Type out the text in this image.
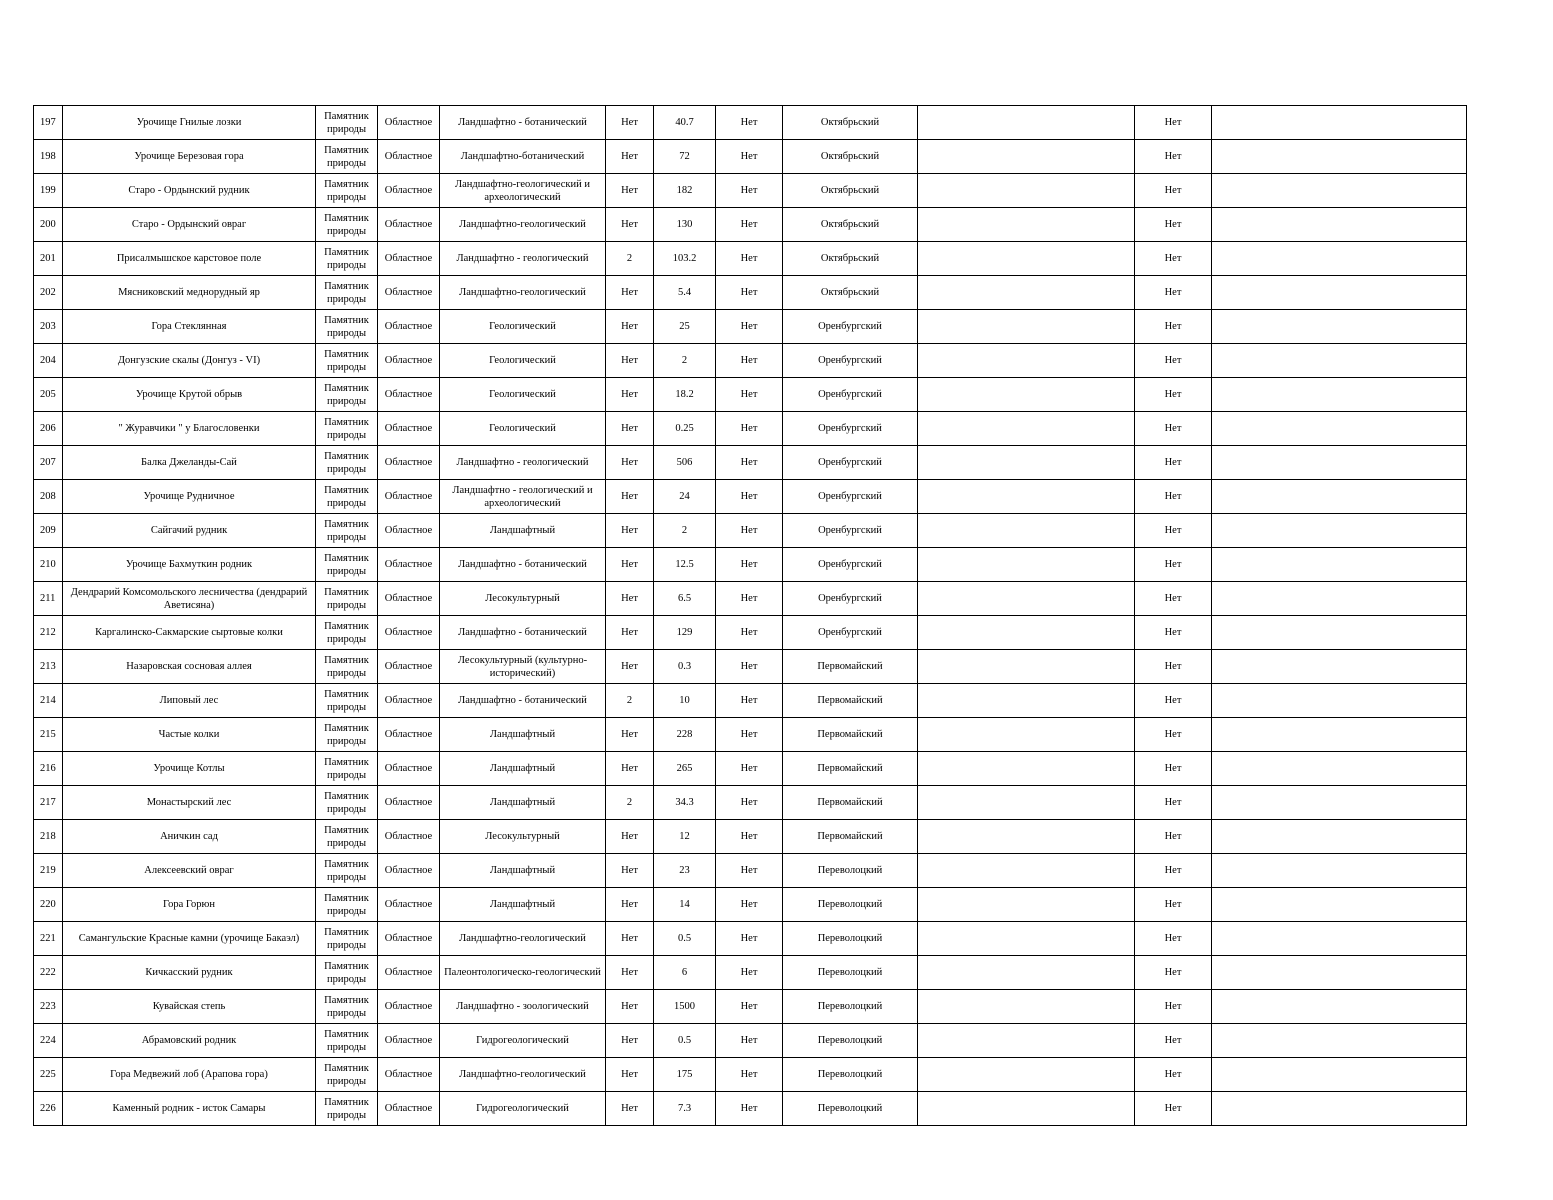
197	Урочище Гнилые лозки	Памятник природы	Областное	Ландшафтно - ботанический	Нет	40.7	Нет	Октябрьский		Нет	
198	Урочище Березовая гора	Памятник природы	Областное	Ландшафтно-ботанический	Нет	72	Нет	Октябрьский		Нет	
199	Старо - Ордынский рудник	Памятник природы	Областное	Ландшафтно-геологический и археологический	Нет	182	Нет	Октябрьский		Нет	
200	Старо - Ордынский овраг	Памятник природы	Областное	Ландшафтно-геологический	Нет	130	Нет	Октябрьский		Нет	
201	Присалмышское карстовое поле	Памятник природы	Областное	Ландшафтно - геологический	2	103.2	Нет	Октябрьский		Нет	
202	Мясниковский меднорудный яр	Памятник природы	Областное	Ландшафтно-геологический	Нет	5.4	Нет	Октябрьский		Нет	
203	Гора Стеклянная	Памятник природы	Областное	Геологический	Нет	25	Нет	Оренбургский		Нет	
204	Донгузские скалы (Донгуз - VI)	Памятник природы	Областное	Геологический	Нет	2	Нет	Оренбургский		Нет	
205	Урочище Крутой обрыв	Памятник природы	Областное	Геологический	Нет	18.2	Нет	Оренбургский		Нет	
206	" Журавчики " у Благословенки	Памятник природы	Областное	Геологический	Нет	0.25	Нет	Оренбургский		Нет	
207	Балка Джеланды-Сай	Памятник природы	Областное	Ландшафтно - геологический	Нет	506	Нет	Оренбургский		Нет	
208	Урочище Рудничное	Памятник природы	Областное	Ландшафтно - геологический и археологический	Нет	24	Нет	Оренбургский		Нет	
209	Сайгачий рудник	Памятник природы	Областное	Ландшафтный	Нет	2	Нет	Оренбургский		Нет	
210	Урочище Бахмуткин родник	Памятник природы	Областное	Ландшафтно - ботанический	Нет	12.5	Нет	Оренбургский		Нет	
211	Дендрарий Комсомольского лесничества (дендрарий Аветисяна)	Памятник природы	Областное	Лесокультурный	Нет	6.5	Нет	Оренбургский		Нет	
212	Каргалинско-Сакмарские сыртовые колки	Памятник природы	Областное	Ландшафтно - ботанический	Нет	129	Нет	Оренбургский		Нет	
213	Назаровская сосновая аллея	Памятник природы	Областное	Лесокультурный (культурно-исторический)	Нет	0.3	Нет	Первомайский		Нет	
214	Липовый лес	Памятник природы	Областное	Ландшафтно - ботанический	2	10	Нет	Первомайский		Нет	
215	Частые колки	Памятник природы	Областное	Ландшафтный	Нет	228	Нет	Первомайский		Нет	
216	Урочище Котлы	Памятник природы	Областное	Ландшафтный	Нет	265	Нет	Первомайский		Нет	
217	Монастырский лес	Памятник природы	Областное	Ландшафтный	2	34.3	Нет	Первомайский		Нет	
218	Аничкин сад	Памятник природы	Областное	Лесокультурный	Нет	12	Нет	Первомайский		Нет	
219	Алексеевский овраг	Памятник природы	Областное	Ландшафтный	Нет	23	Нет	Переволоцкий		Нет	
220	Гора Горюн	Памятник природы	Областное	Ландшафтный	Нет	14	Нет	Переволоцкий		Нет	
221	Самангульские Красные камни (урочище Бакаэл)	Памятник природы	Областное	Ландшафтно-геологический	Нет	0.5	Нет	Переволоцкий		Нет	
222	Кичкасский рудник	Памятник природы	Областное	Палеонтологическо-геологический	Нет	6	Нет	Переволоцкий		Нет	
223	Кувайская степь	Памятник природы	Областное	Ландшафтно - зоологический	Нет	1500	Нет	Переволоцкий		Нет	
224	Абрамовский родник	Памятник природы	Областное	Гидрогеологический	Нет	0.5	Нет	Переволоцкий		Нет	
225	Гора Медвежий лоб (Арапова гора)	Памятник природы	Областное	Ландшафтно-геологический	Нет	175	Нет	Переволоцкий		Нет	
226	Каменный родник - исток Самары	Памятник природы	Областное	Гидрогеологический	Нет	7.3	Нет	Переволоцкий		Нет	
